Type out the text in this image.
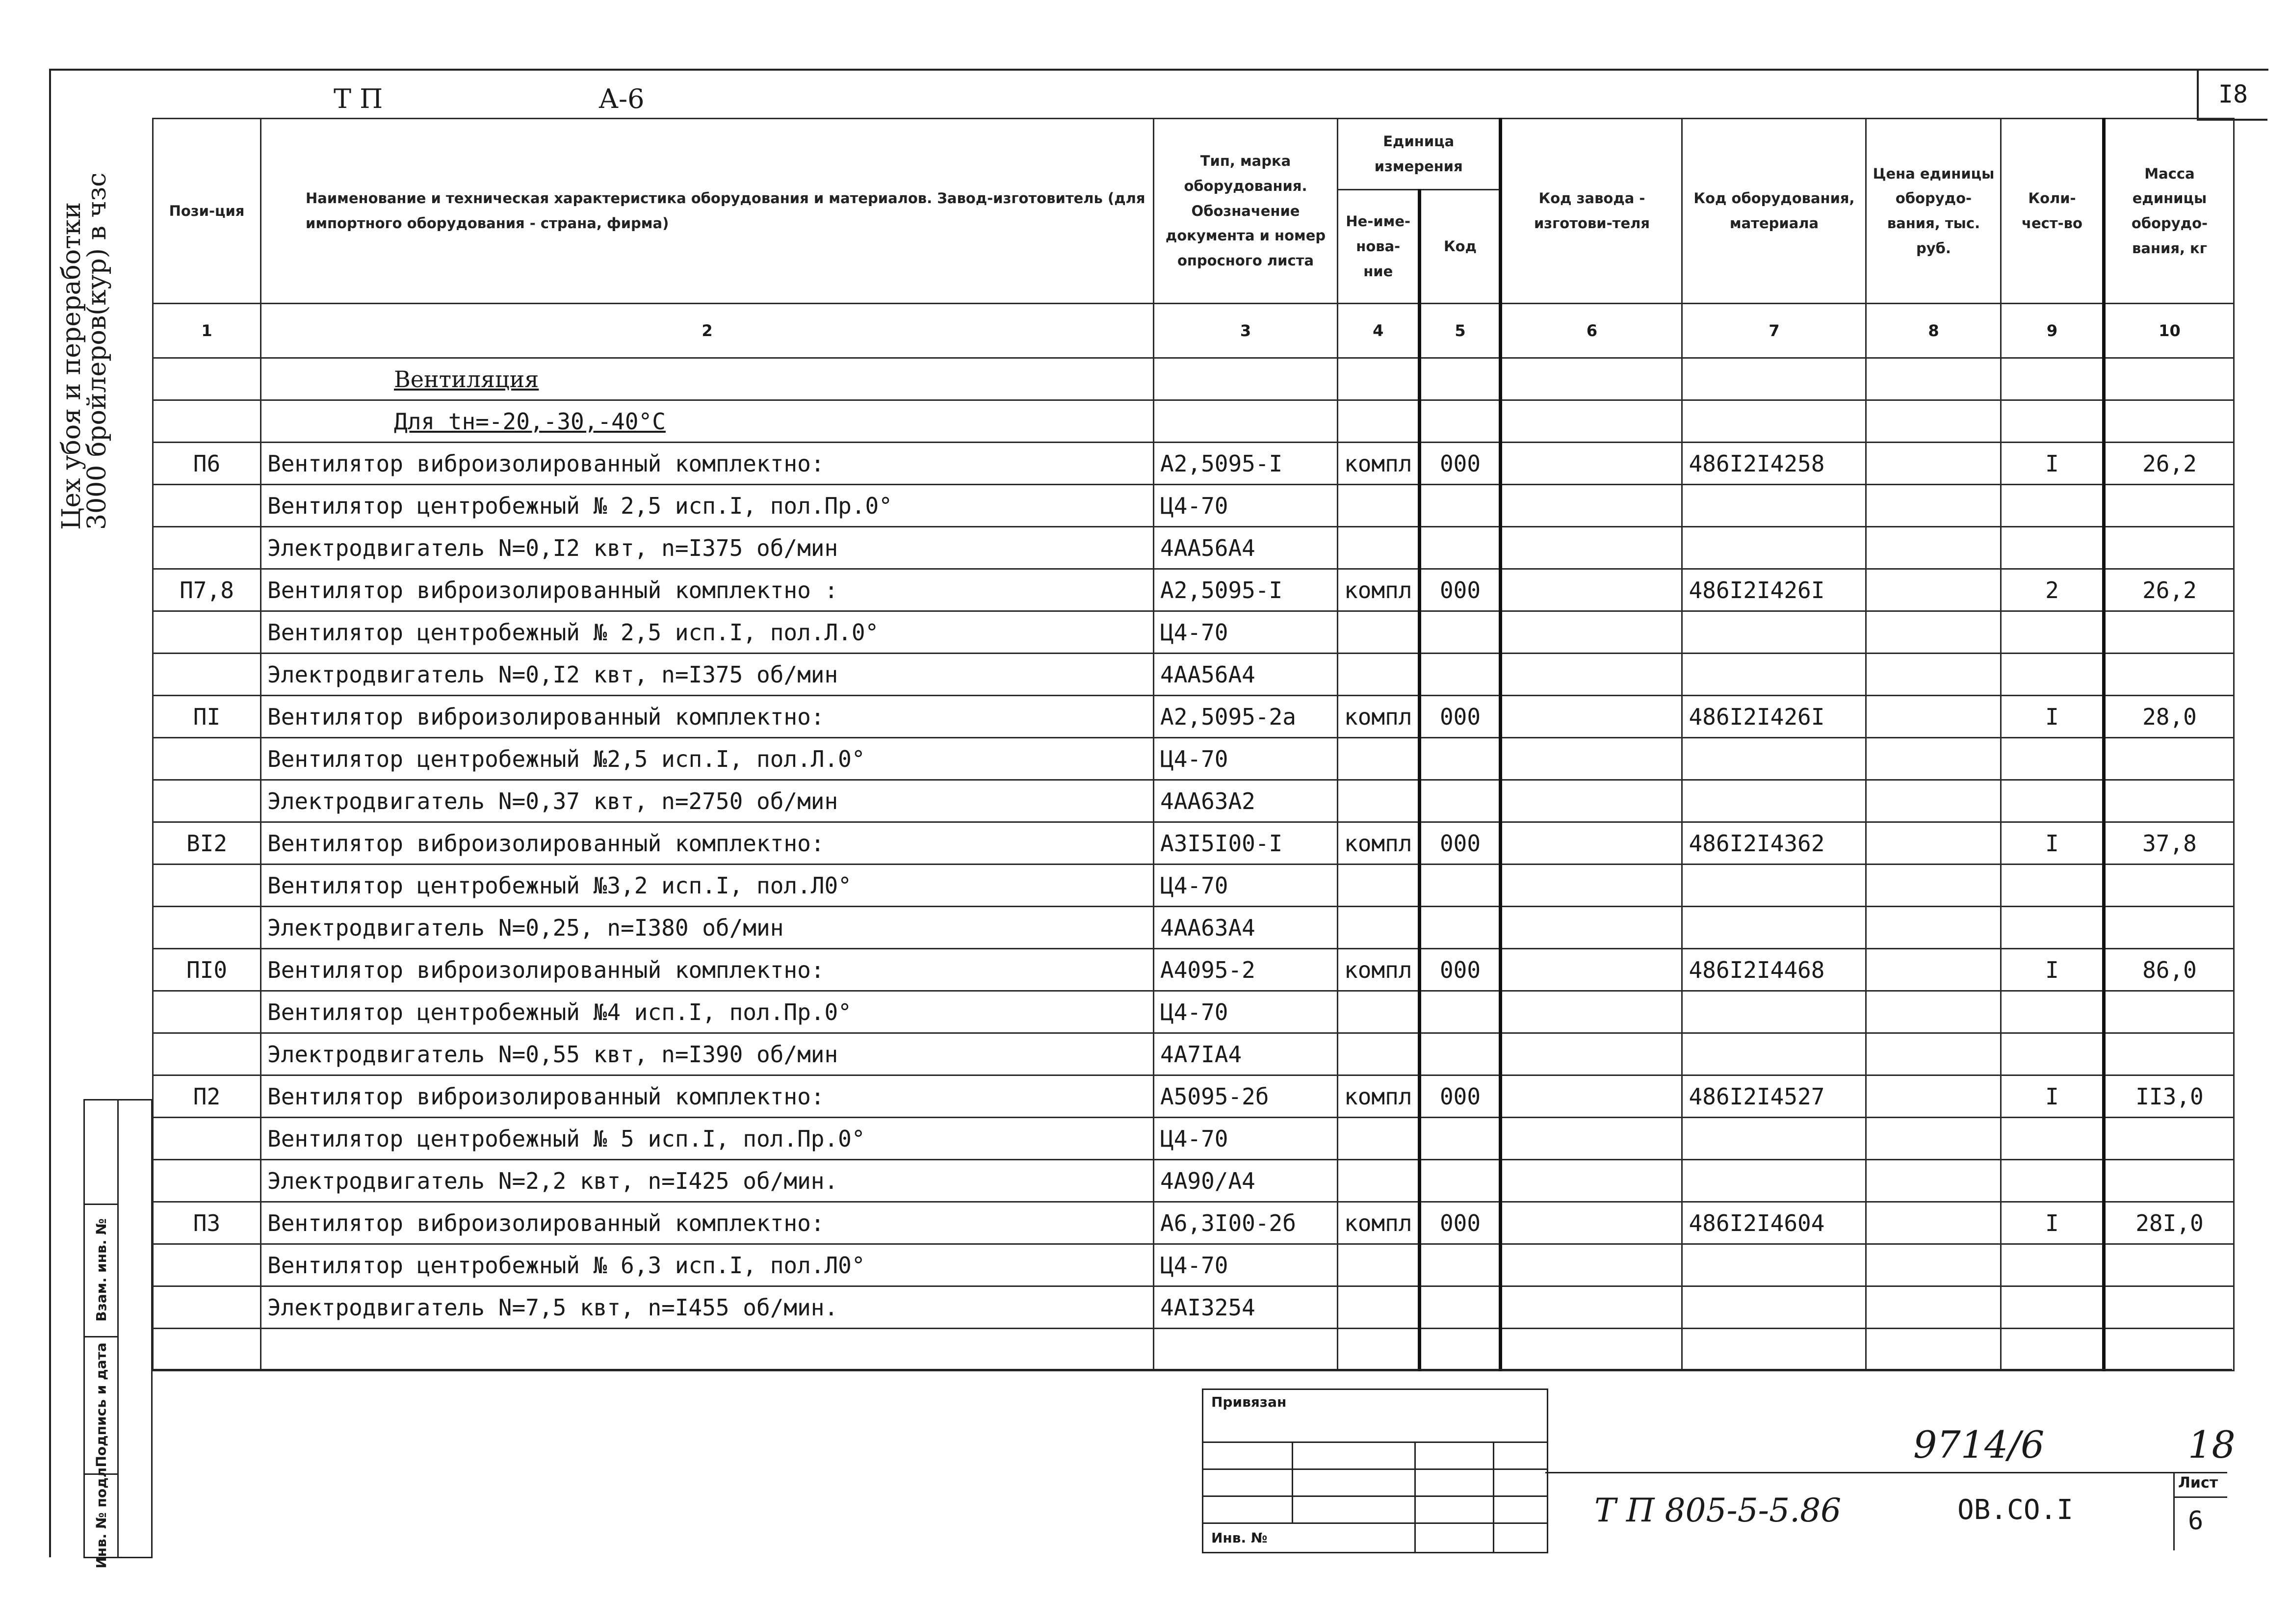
I8
Т П	А-6
Цех убоя и переработки
3000 бройлеров(кур) в чзс	Пози-ция	Наименование и техническая характеристика оборудования и материалов. Завод-изготовитель (для импортного оборудования - страна, фирма)	Тип, марка оборудования. Обозначение документа и номер опросного листа	Единица измерения		Код завода - изготови-теля	Код оборудования, материала	Цена единицы оборудо-вания, тыс. руб.	Коли-чест-во	Масса единицы оборудо-вания, кг
			Не-име-нова-ние	Код					
1	2	3	4	5	6	7	8	9	10
	Вентиляция								
	Для tн=-20,-30,-40°С								
П6	Вентилятор виброизолированный комплектно:	А2,5095-I	компл	000		486I2I4258		I	26,2
	Вентилятор центробежный № 2,5 исп.I, пол.Пр.0°	Ц4-70							
	Электродвигатель N=0,I2 квт, n=I375 об/мин	4АА56А4							
П7,8	Вентилятор виброизолированный комплектно :	А2,5095-I	компл	000		486I2I426I		2	26,2
	Вентилятор центробежный № 2,5 исп.I, пол.Л.0°	Ц4-70							
	Электродвигатель N=0,I2 квт, n=I375 об/мин	4АА56А4							
ПI	Вентилятор виброизолированный комплектно:	А2,5095-2а	компл	000		486I2I426I		I	28,0
	Вентилятор центробежный №2,5 исп.I, пол.Л.0°	Ц4-70							
	Электродвигатель N=0,37 квт, n=2750 об/мин	4АА63А2							
ВI2	Вентилятор виброизолированный комплектно:	А3I5I00-I	компл	000		486I2I4362		I	37,8
	Вентилятор центробежный №3,2 исп.I, пол.Л0°	Ц4-70							
	Электродвигатель N=0,25, n=I380 об/мин	4АА63А4							
ПI0	Вентилятор виброизолированный комплектно:	А4095-2	компл	000		486I2I4468		I	86,0
	Вентилятор центробежный №4 исп.I, пол.Пр.0°	Ц4-70							
	Электродвигатель N=0,55 квт, n=I390 об/мин	4А7IА4							
П2	Вентилятор виброизолированный комплектно:	А5095-2б	компл	000		486I2I4527		I	II3,0
	Вентилятор центробежный № 5 исп.I, пол.Пр.0°	Ц4-70							
	Электродвигатель N=2,2 квт, n=I425 об/мин.	4А90/А4							
П3	Вентилятор виброизолированный комплектно:	А6,3I00-2б	компл	000		486I2I4604		I	28I,0
	Вентилятор центробежный № 6,3 исп.I, пол.Л0°	Ц4-70							
	Электродвигатель N=7,5 квт, n=I455 об/мин.	4АI3254							

Взам. инв. №
Подпись и дата
Инв. № подл.
Привязан
Инв. №
9714/6	18
Т П 805-5-5.86	ОВ.СО.I
Лист
6
